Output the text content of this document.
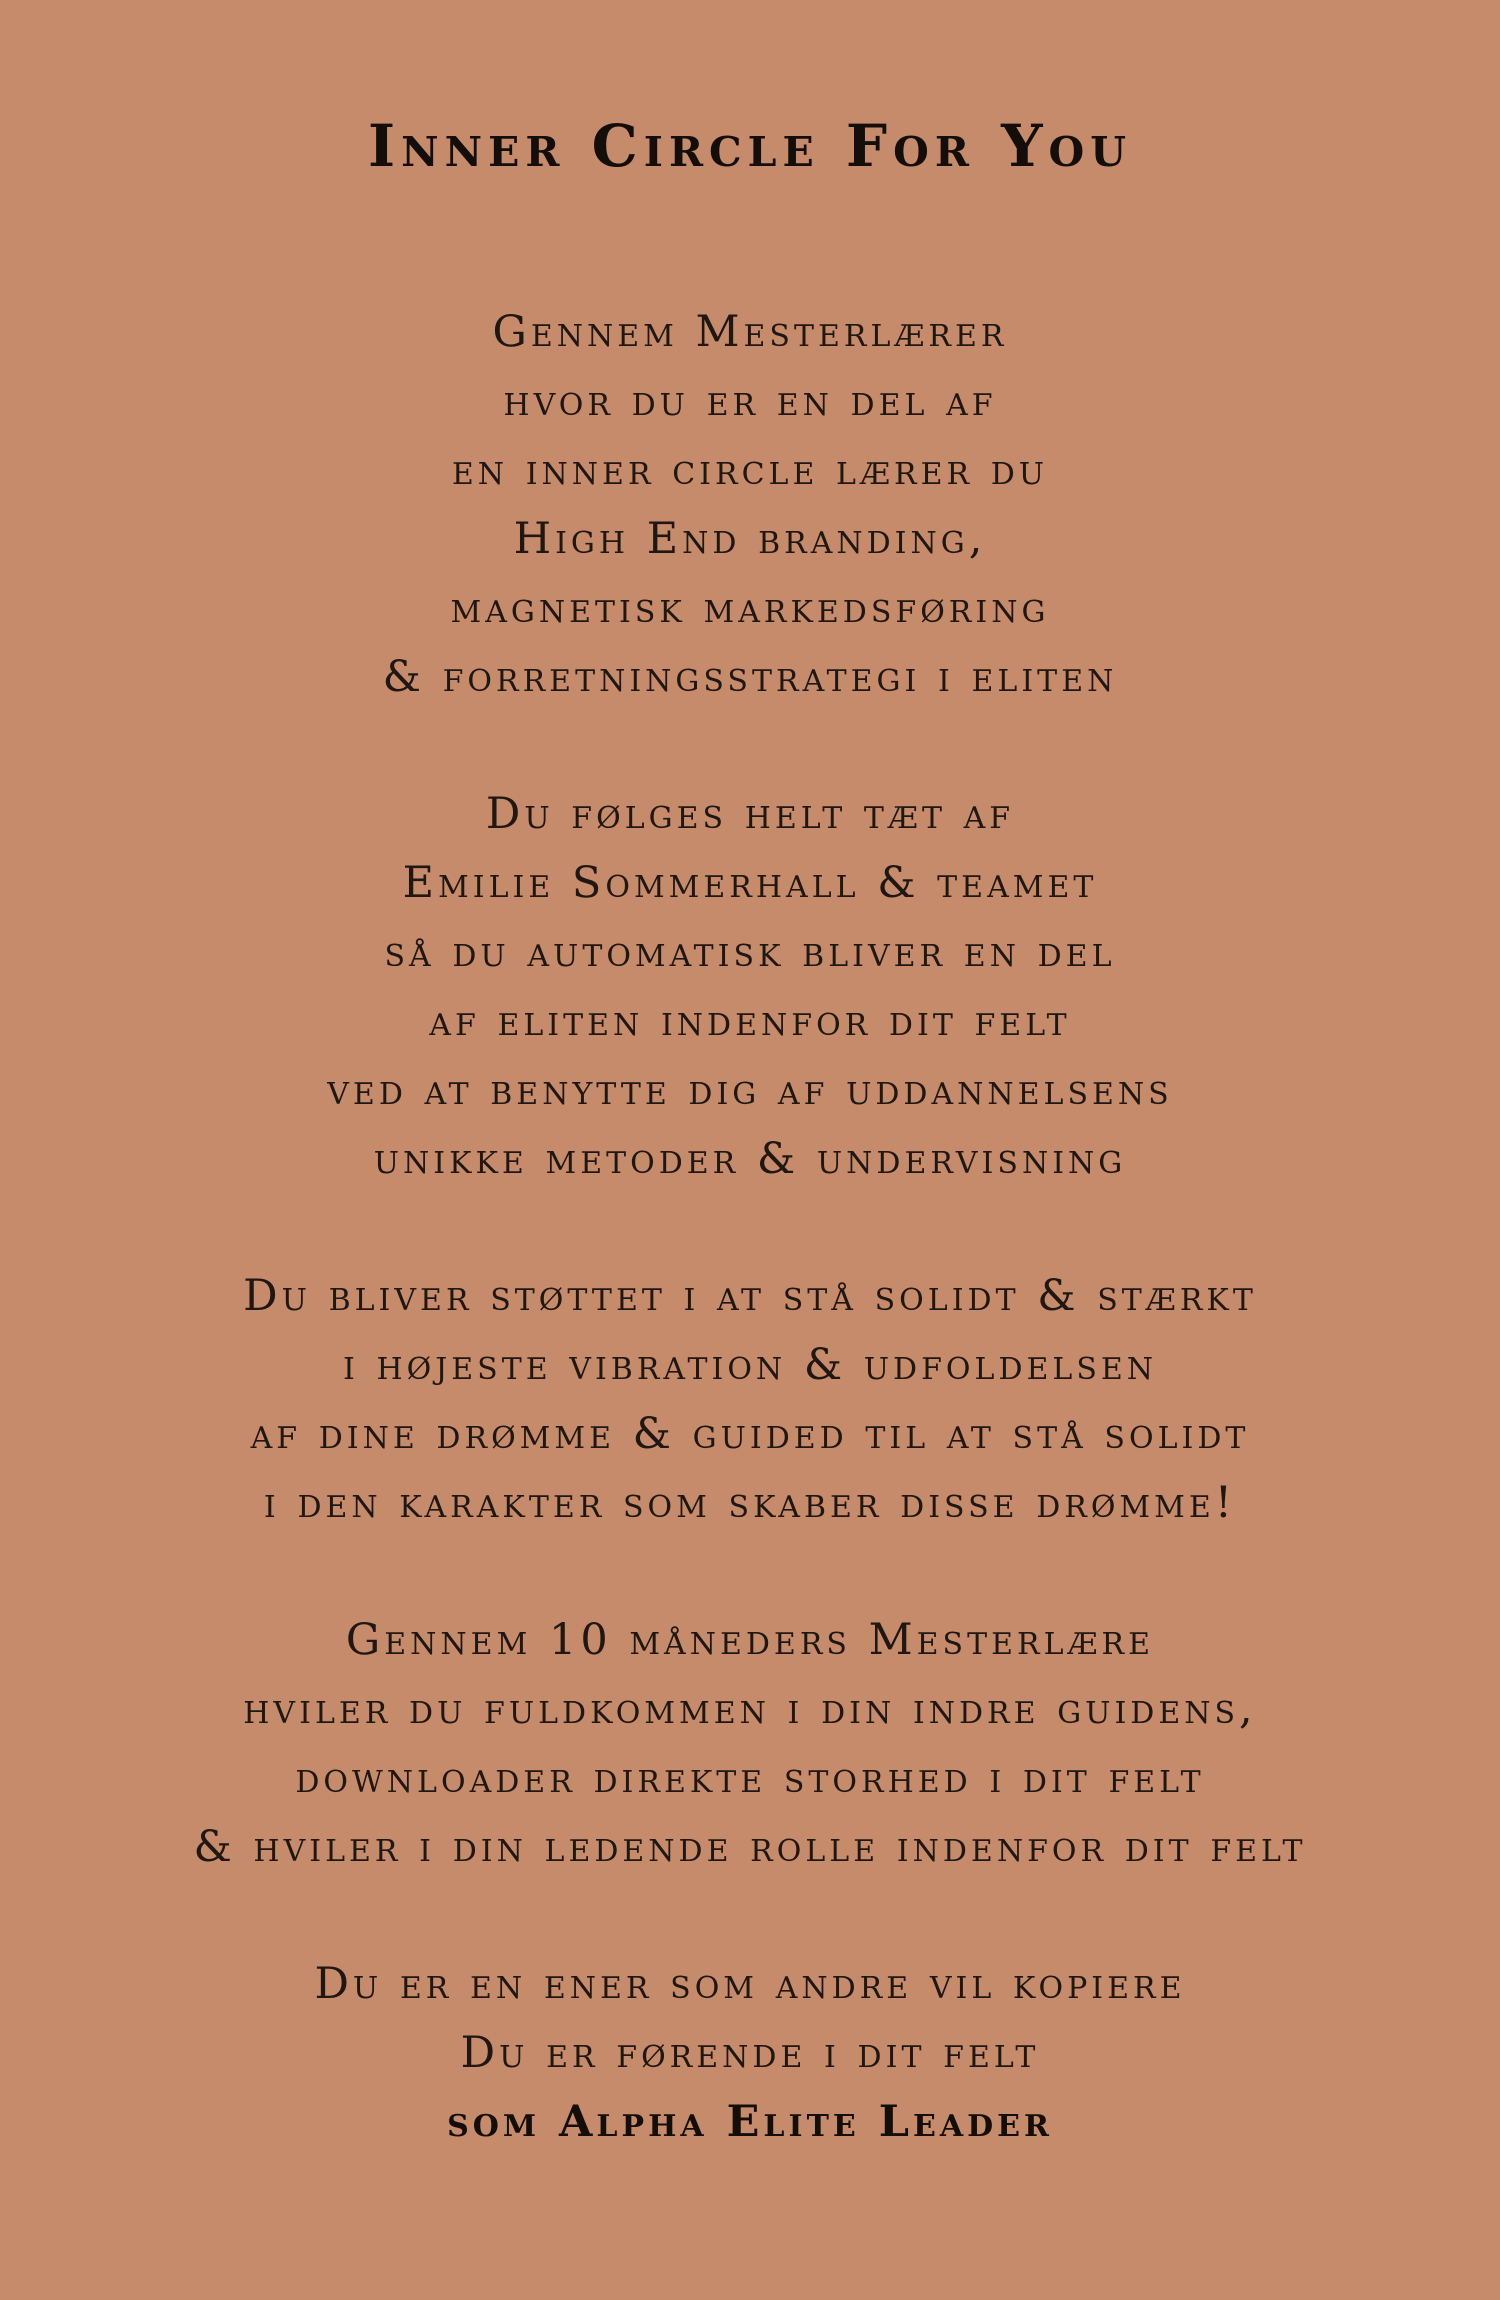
Inner Circle For You
Gennem Mesterlærer
hvor du er en del af
en inner circle lærer du
High End branding,
magnetisk markedsføring
& forretningsstrategi i eliten
Du følges helt tæt af
Emilie Sommerhall & teamet
så du automatisk bliver en del
af eliten indenfor dit felt
ved at benytte dig af uddannelsens
unikke metoder & undervisning
Du bliver støttet i at stå solidt & stærkt
i højeste vibration & udfoldelsen
af dine drømme & guided til at stå solidt
i den karakter som skaber disse drømme!
Gennem 10 måneders Mesterlære
hviler du fuldkommen i din indre guidens,
downloader direkte storhed i dit felt
& hviler i din ledende rolle indenfor dit felt
Du er en ener som andre vil kopiere
Du er førende i dit felt
som Alpha Elite Leader
